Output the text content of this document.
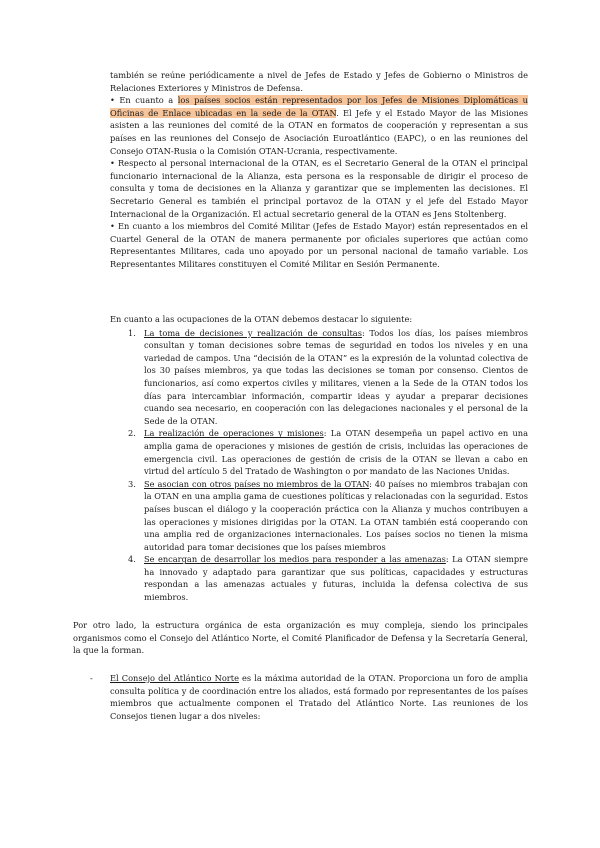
también se reúne periódicamente a nivel de Jefes de Estado y Jefes de Gobierno o Ministros de Relaciones Exteriores y Ministros de Defensa.
• En cuanto a los países socios están representados por los Jefes de Misiones Diplomáticas u Oficinas de Enlace ubicadas en la sede de la OTAN. El Jefe y el Estado Mayor de las Misiones asisten a las reuniones del comité de la OTAN en formatos de cooperación y representan a sus países en las reuniones del Consejo de Asociación Euroatlántico (EAPC), o en las reuniones del Consejo OTAN-Rusia o la Comisión OTAN-Ucrania, respectivamente.
• Respecto al personal internacional de la OTAN, es el Secretario General de la OTAN el principal funcionario internacional de la Alianza, esta persona es la responsable de dirigir el proceso de consulta y toma de decisiones en la Alianza y garantizar que se implementen las decisiones. El Secretario General es también el principal portavoz de la OTAN y el jefe del Estado Mayor Internacional de la Organización. El actual secretario general de la OTAN es Jens Stoltenberg.
• En cuanto a los miembros del Comité Militar (Jefes de Estado Mayor) están representados en el Cuartel General de la OTAN de manera permanente por oficiales superiores que actúan como Representantes Militares, cada uno apoyado por un personal nacional de tamaño variable. Los Representantes Militares constituyen el Comité Militar en Sesión Permanente.

En cuanto a las ocupaciones de la OTAN debemos destacar lo siguiente:

1. La toma de decisiones y realización de consultas: Todos los días, los países miembros consultan y toman decisiones sobre temas de seguridad en todos los niveles y en una variedad de campos. Una “decisión de la OTAN” es la expresión de la voluntad colectiva de los 30 países miembros, ya que todas las decisiones se toman por consenso. Cientos de funcionarios, así como expertos civiles y militares, vienen a la Sede de la OTAN todos los días para intercambiar información, compartir ideas y ayudar a preparar decisiones cuando sea necesario, en cooperación con las delegaciones nacionales y el personal de la Sede de la OTAN.
2. La realización de operaciones y misiones: La OTAN desempeña un papel activo en una amplia gama de operaciones y misiones de gestión de crisis, incluidas las operaciones de emergencia civil. Las operaciones de gestión de crisis de la OTAN se llevan a cabo en virtud del artículo 5 del Tratado de Washington o por mandato de las Naciones Unidas.
3. Se asocian con otros países no miembros de la OTAN: 40 países no miembros trabajan con la OTAN en una amplia gama de cuestiones políticas y relacionadas con la seguridad. Estos países buscan el diálogo y la cooperación práctica con la Alianza y muchos contribuyen a las operaciones y misiones dirigidas por la OTAN. La OTAN también está cooperando con una amplia red de organizaciones internacionales. Los países socios no tienen la misma autoridad para tomar decisiones que los países miembros
4. Se encargan de desarrollar los medios para responder a las amenazas: La OTAN siempre ha innovado y adaptado para garantizar que sus políticas, capacidades y estructuras respondan a las amenazas actuales y futuras, incluida la defensa colectiva de sus miembros.
Por otro lado, la estructura orgánica de esta organización es muy compleja, siendo los principales organismos como el Consejo del Atlántico Norte, el Comité Planificador de Defensa y la Secretaría General, la que la forman.
- El Consejo del Atlántico Norte es la máxima autoridad de la OTAN. Proporciona un foro de amplia consulta política y de coordinación entre los aliados, está formado por representantes de los países miembros que actualmente componen el Tratado del Atlántico Norte. Las reuniones de los Consejos tienen lugar a dos niveles:
